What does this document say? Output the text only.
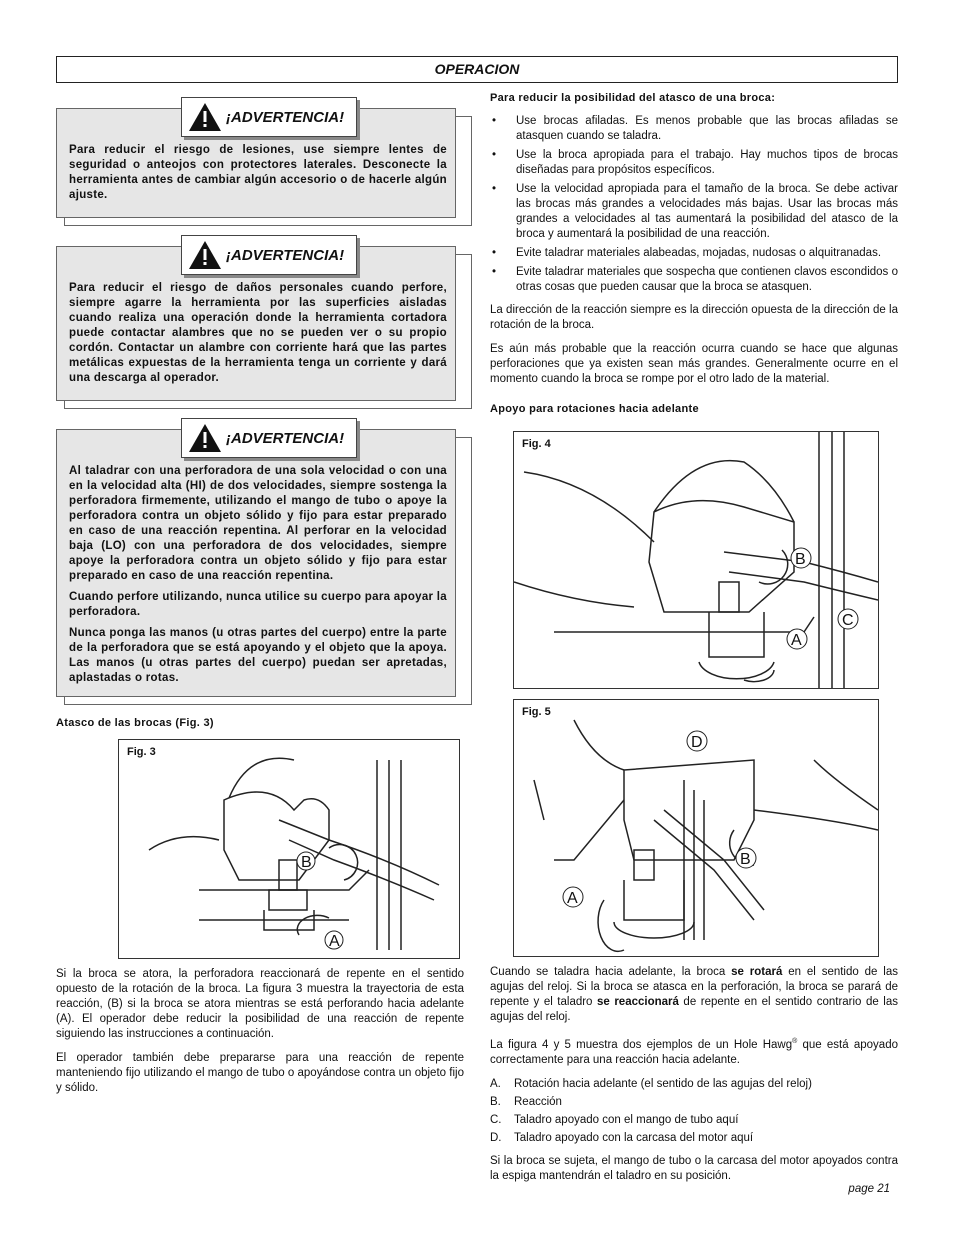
OPERACION
¡ADVERTENCIA!

Para reducir el riesgo de lesiones, use siempre lentes de seguridad o anteojos con protectores laterales. Desconecte la herramienta antes de cambiar algún accesorio o de hacerle algún ajuste.

¡ADVERTENCIA!

Para reducir el riesgo de daños personales cuando perfore, siempre agarre la herramienta por las superficies aisladas cuando realiza una operación donde la herramienta cortadora puede contactar alambres que no se pueden ver o su propio cordón. Contactar un alambre con corriente hará que las partes metálicas expuestas de la herramienta tenga un corriente y dará una descarga al operador.

¡ADVERTENCIA!

Al taladrar con una perforadora de una sola velocidad o con una en la velocidad alta (HI) de dos velocidades, siempre sostenga la perforadora firmemente, utilizando el mango de tubo o apoye la perforadora contra un objeto sólido y fijo para estar preparado en caso de una reacción repentina. Al perforar en la velocidad baja (LO) con una perforadora de dos velocidades, siempre apoye la perforadora contra un objeto sólido y fijo para estar preparado en caso de una reacción repentina.

Cuando perfore utilizando, nunca utilice su cuerpo para apoyar la perforadora.

Nunca ponga las manos (u otras partes del cuerpo) entre la parte de la perforadora que se está apoyando y el objeto que la apoya. Las manos (u otras partes del cuerpo) puedan ser apretadas, aplastadas o rotas.

Atasco de las brocas (Fig. 3)
Fig. 3
B
A

Si la broca se atora, la perforadora reaccionará de repente en el sentido opuesto de la rotación de la broca. La figura 3 muestra la trayectoria de esta reacción, (B) si la broca se atora mientras se está perforando hacia adelante (A). El operador debe reducir la posibilidad de una reacción de repente siguiendo las instrucciones a continuación.

El operador también debe prepararse para una reacción de repente manteniendo fijo utilizando el mango de tubo o apoyándose contra un objeto fijo y sólido.

Para reducir la posibilidad del atasco de una broca:
• Use brocas afiladas. Es menos probable que las brocas afiladas se atasquen cuando se taladra.
• Use la broca apropiada para el trabajo. Hay muchos tipos de brocas diseñadas para propósitos específicos.
• Use la velocidad apropiada para el tamaño de la broca. Se debe activar las brocas más grandes a velocidades más bajas. Usar las brocas más grandes a velocidades al tas aumentará la posibilidad del atasco de la broca y aumentará la posibilidad de una reacción.
• Evite taladrar materiales alabeadas, mojadas, nudosas o alquitranadas.
• Evite taladrar materiales que sospecha que contienen clavos escondidos o otras cosas que pueden causar que la broca se atasquen.

La dirección de la reacción siempre es la dirección opuesta de la dirección de la rotación de la broca.

Es aún más probable que la reacción ocurra cuando se hace que algunas perforaciones que ya existen sean más grandes. Generalmente ocurre en el momento cuando la broca se rompe por el otro lado de la material.

Apoyo para rotaciones hacia adelante
Fig. 4
B
C
A
Fig. 5
D
B
A

Cuando se taladra hacia adelante, la broca se rotará en el sentido de las agujas del reloj. Si la broca se atasca en la perforación, la broca se parará de repente y el taladro se reaccionará de repente en el sentido contrario de las agujas del reloj.

La figura 4 y 5 muestra dos ejemplos de un Hole Hawg® que está apoyado correctamente para una reacción hacia adelante.

A.	Rotación hacia adelante (el sentido de las agujas del reloj)
B.	Reacción
C.	Taladro apoyado con el mango de tubo aquí
D.	Taladro apoyado con la carcasa del motor aquí

Si la broca se sujeta, el mango de tubo o la carcasa del motor apoyados contra la espiga mantendrán el taladro en su posición.

page 21
